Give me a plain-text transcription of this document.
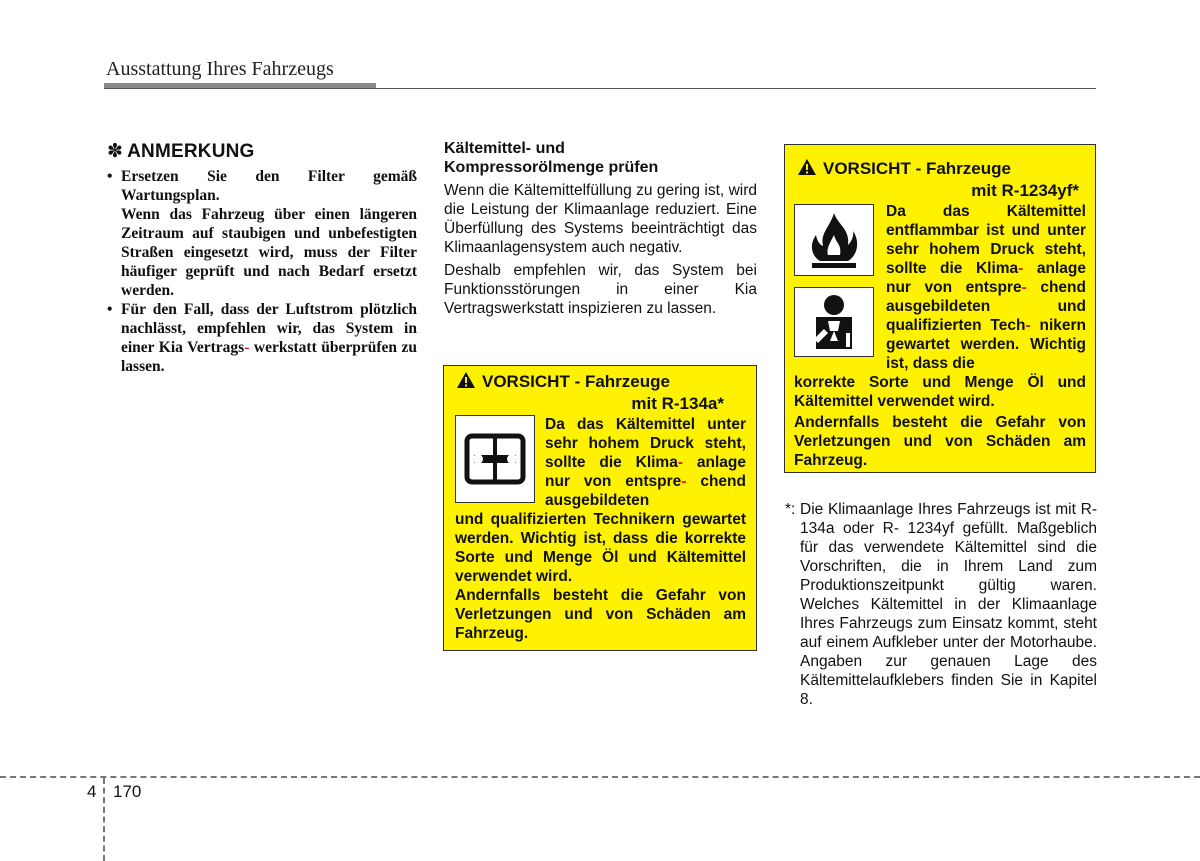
Ausstattung Ihres Fahrzeugs
✽ ANMERKUNG

• Ersetzen Sie den Filter gemäß Wartungsplan.

Wenn das Fahrzeug über einen längeren Zeitraum auf staubigen und unbefestigten Straßen eingesetzt wird, muss der Filter häufiger geprüft und nach Bedarf ersetzt werden.

• Für den Fall, dass der Luftstrom plötzlich nachlässt, empfehlen wir, das System in einer Kia Vertrags- werkstatt überprüfen zu lassen.

Kältemittel- und
Kompressorölmenge prüfen

Wenn die Kältemittelfüllung zu gering ist, wird die Leistung der Klimaanlage reduziert. Eine Überfüllung des Systems beeinträchtigt das Klimaanlagensystem auch negativ.

Deshalb empfehlen wir, das System bei Funktionsstörungen in einer Kia Vertragswerkstatt inspizieren zu lassen.

VORSICHT - Fahrzeuge
mit R-134a*

Da das Kältemittel unter sehr hohem Druck steht, sollte die Klima- anlage nur von entspre- chend ausgebildeten

und qualifizierten Technikern gewartet werden. Wichtig ist, dass die korrekte Sorte und Menge Öl und Kältemittel verwendet wird.

Andernfalls besteht die Gefahr von Verletzungen und von Schäden am Fahrzeug.

VORSICHT - Fahrzeuge
mit R-1234yf*

Da das Kältemittel entflammbar ist und unter sehr hohem Druck steht, sollte die Klima- anlage nur von entspre- chend ausgebildeten und qualifizierten Tech- nikern gewartet werden. Wichtig ist, dass die

korrekte Sorte und Menge Öl und Kältemittel verwendet wird.

Andernfalls besteht die Gefahr von Verletzungen und von Schäden am Fahrzeug.

*: Die Klimaanlage Ihres Fahrzeugs ist mit R-134a oder R- 1234yf gefüllt. Maßgeblich für das verwendete Kältemittel sind die Vorschriften, die in Ihrem Land zum Produktionszeitpunkt gültig waren. Welches Kältemittel in der Klimaanlage Ihres Fahrzeugs zum Einsatz kommt, steht auf einem Aufkleber unter der Motorhaube. Angaben zur genauen Lage des Kältemittelaufklebers finden Sie in Kapitel 8.

4 170
